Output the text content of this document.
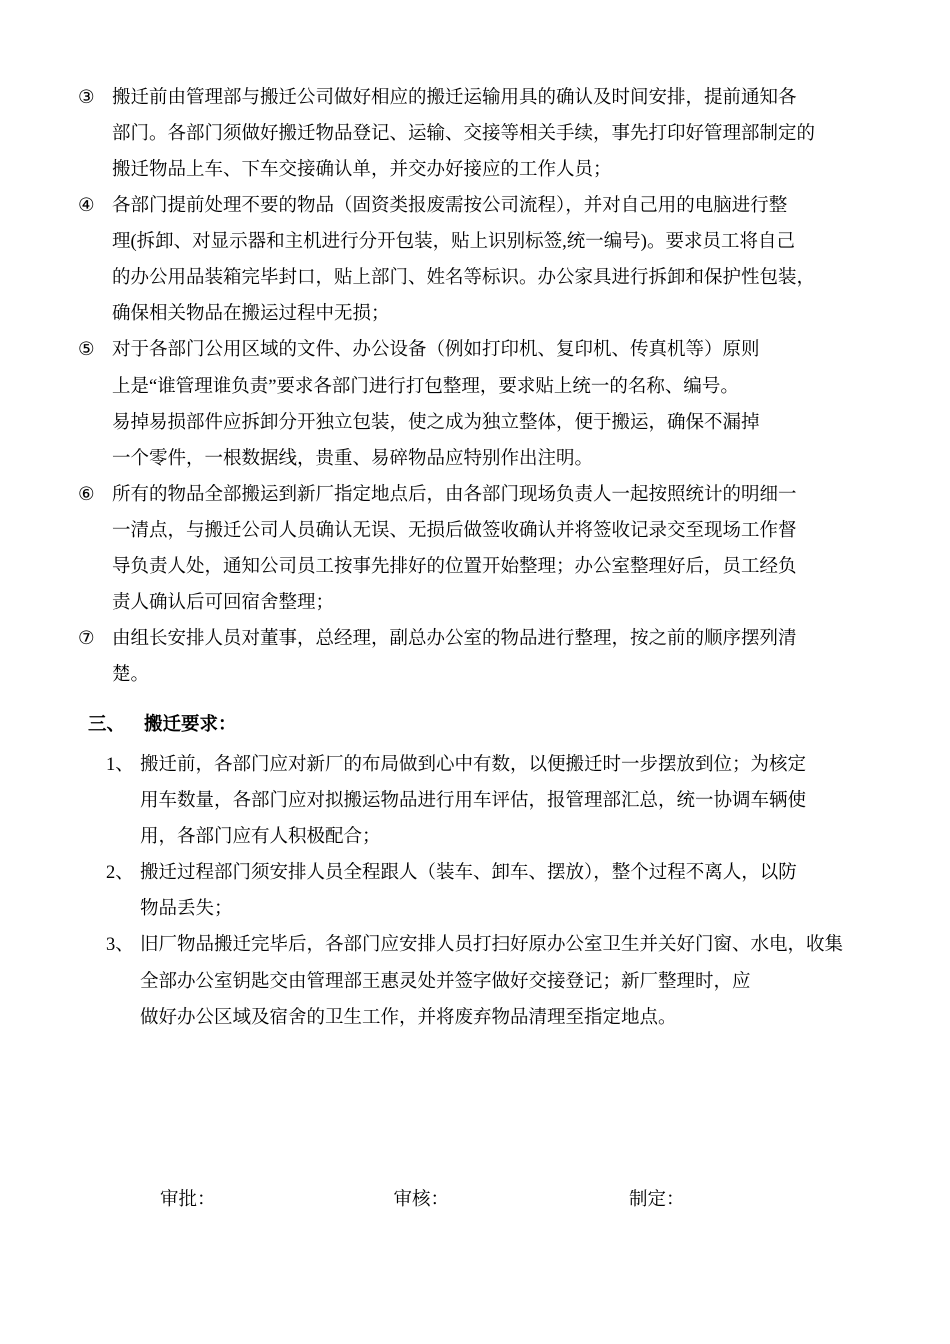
③ 搬迁前由管理部与搬迁公司做好相应的搬迁运输用具的确认及时间安排，提前通知各
部门。各部门须做好搬迁物品登记、运输、交接等相关手续，事先打印好管理部制定的
搬迁物品上车、下车交接确认单，并交办好接应的工作人员；
④ 各部门提前处理不要的物品（固资类报废需按公司流程），并对自己用的电脑进行整
理(拆卸、对显示器和主机进行分开包装，贴上识别标签,统一编号)。要求员工将自己
的办公用品装箱完毕封口，贴上部门、姓名等标识。办公家具进行拆卸和保护性包装，
确保相关物品在搬运过程中无损；
⑤ 对于各部门公用区域的文件、办公设备（例如打印机、复印机、传真机等）原则
上是“谁管理谁负责”要求各部门进行打包整理，要求贴上统一的名称、编号。
易掉易损部件应拆卸分开独立包装，使之成为独立整体，便于搬运，确保不漏掉
一个零件，一根数据线，贵重、易碎物品应特别作出注明。
⑥ 所有的物品全部搬运到新厂指定地点后，由各部门现场负责人一起按照统计的明细一
一清点，与搬迁公司人员确认无误、无损后做签收确认并将签收记录交至现场工作督
导负责人处，通知公司员工按事先排好的位置开始整理；办公室整理好后，员工经负
责人确认后可回宿舍整理；
⑦ 由组长安排人员对董事，总经理，副总办公室的物品进行整理，按之前的顺序摆列清
楚。
三、	搬迁要求：
1、 搬迁前，各部门应对新厂的布局做到心中有数，以便搬迁时一步摆放到位；为核定
用车数量，各部门应对拟搬运物品进行用车评估，报管理部汇总，统一协调车辆使
用，各部门应有人积极配合；
2、 搬迁过程部门须安排人员全程跟人（装车、卸车、摆放），整个过程不离人，以防
物品丢失；
3、 旧厂物品搬迁完毕后，各部门应安排人员打扫好原办公室卫生并关好门窗、水电，收集
全部办公室钥匙交由管理部王惠灵处并签字做好交接登记；新厂整理时，应
做好办公区域及宿舍的卫生工作，并将废弃物品清理至指定地点。
审批：	审核：	制定：
